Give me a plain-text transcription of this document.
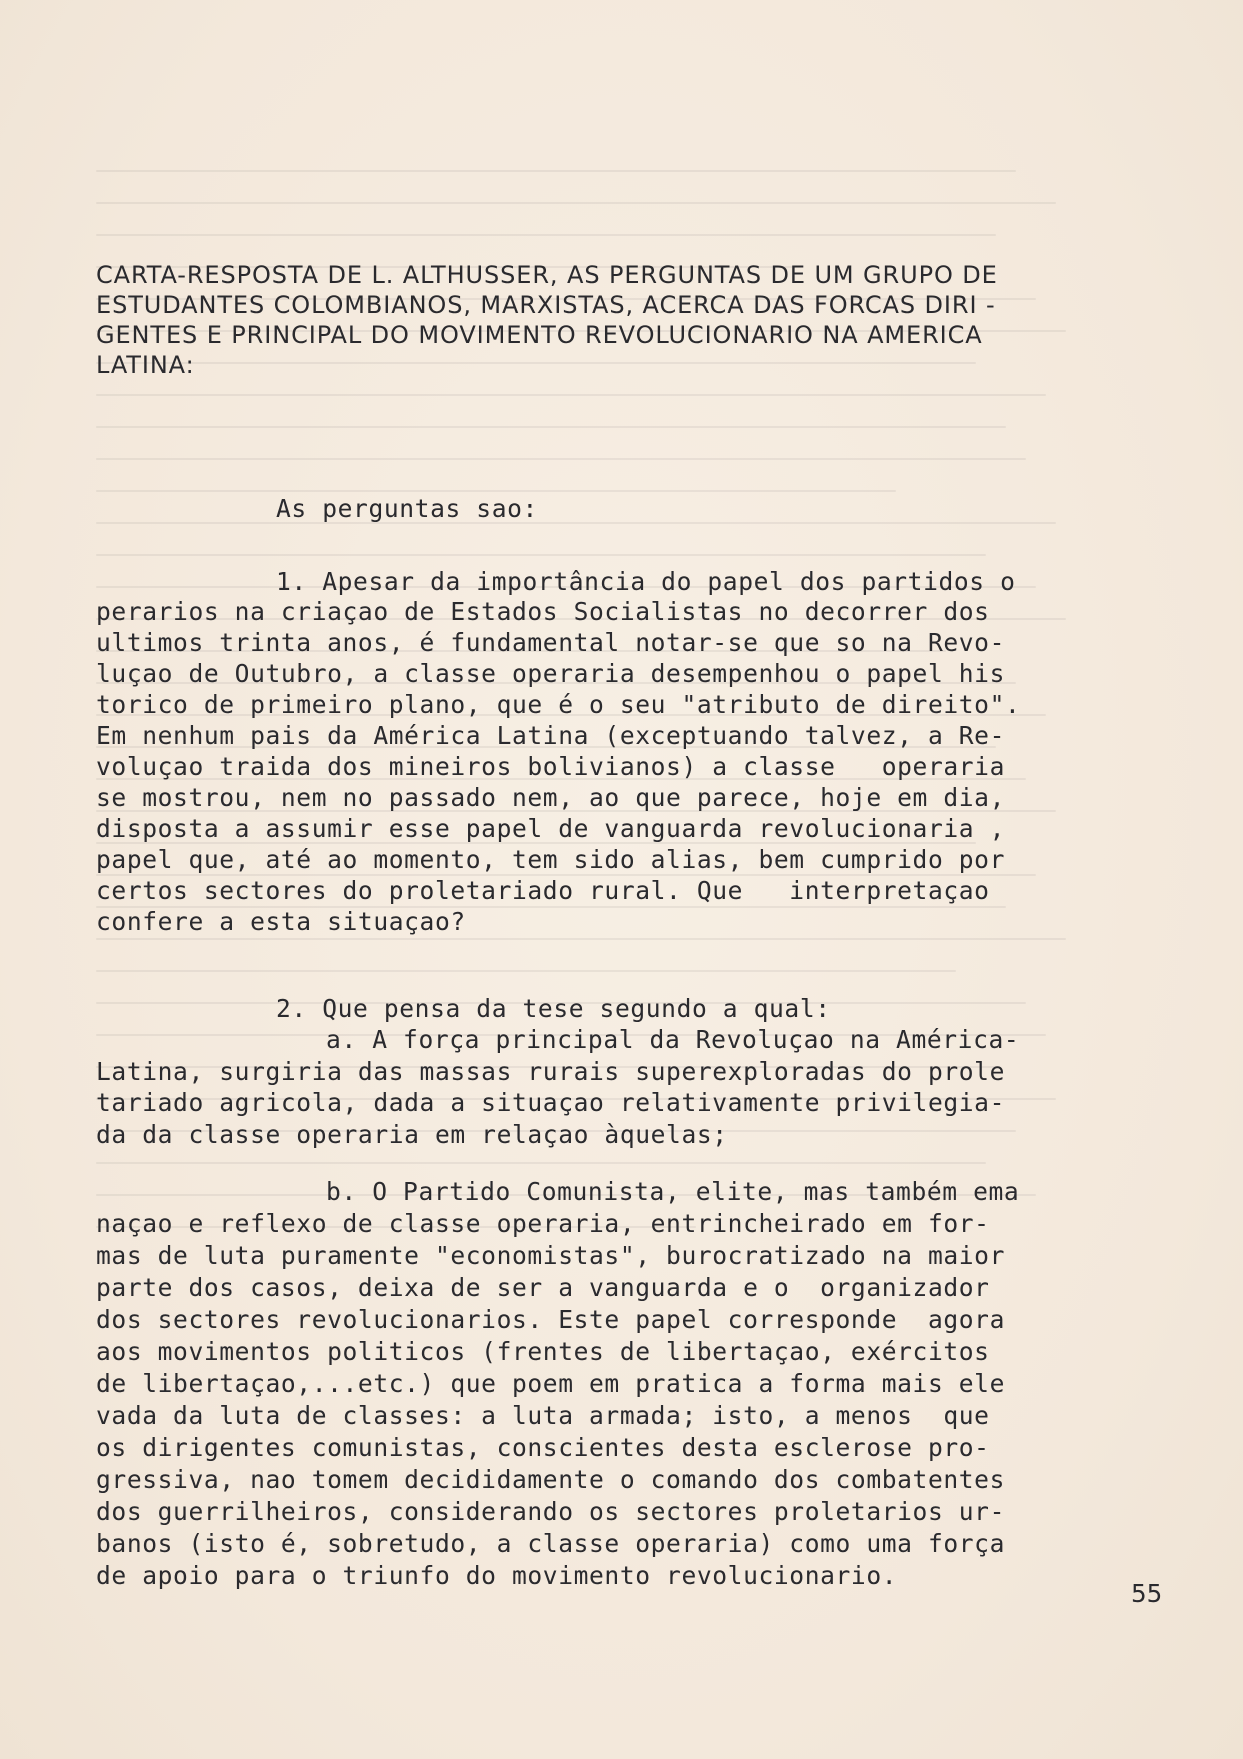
CARTA-RESPOSTA DE L. ALTHUSSER, AS PERGUNTAS DE UM GRUPO DE
ESTUDANTES COLOMBIANOS, MARXISTAS, ACERCA DAS FORCAS DIRI -
GENTES E PRINCIPAL DO MOVIMENTO REVOLUCIONARIO NA AMERICA
LATINA:
As perguntas sao:
1. Apesar da importância do papel dos partidos o
perarios na criaçao de Estados Socialistas no decorrer dos
ultimos trinta anos, é fundamental notar-se que so na Revo-
luçao de Outubro, a classe operaria desempenhou o papel his
torico de primeiro plano, que é o seu "atributo de direito".
Em nenhum pais da América Latina (exceptuando talvez, a Re-
voluçao traida dos mineiros bolivianos) a classe   operaria
se mostrou, nem no passado nem, ao que parece, hoje em dia,
disposta a assumir esse papel de vanguarda revolucionaria ,
papel que, até ao momento, tem sido alias, bem cumprido por
certos sectores do proletariado rural. Que   interpretaçao
confere a esta situaçao?
2. Que pensa da tese segundo a qual:
a. A força principal da Revoluçao na América-
Latina, surgiria das massas rurais superexploradas do prole
tariado agricola, dada a situaçao relativamente privilegia-
da da classe operaria em relaçao àquelas;
b. O Partido Comunista, elite, mas também ema
naçao e reflexo de classe operaria, entrincheirado em for-
mas de luta puramente "economistas", burocratizado na maior
parte dos casos, deixa de ser a vanguarda e o  organizador
dos sectores revolucionarios. Este papel corresponde  agora
aos movimentos politicos (frentes de libertaçao, exércitos
de libertaçao,...etc.) que poem em pratica a forma mais ele
vada da luta de classes: a luta armada; isto, a menos  que
os dirigentes comunistas, conscientes desta esclerose pro-
gressiva, nao tomem decididamente o comando dos combatentes
dos guerrilheiros, considerando os sectores proletarios ur-
banos (isto é, sobretudo, a classe operaria) como uma força
de apoio para o triunfo do movimento revolucionario.
55
